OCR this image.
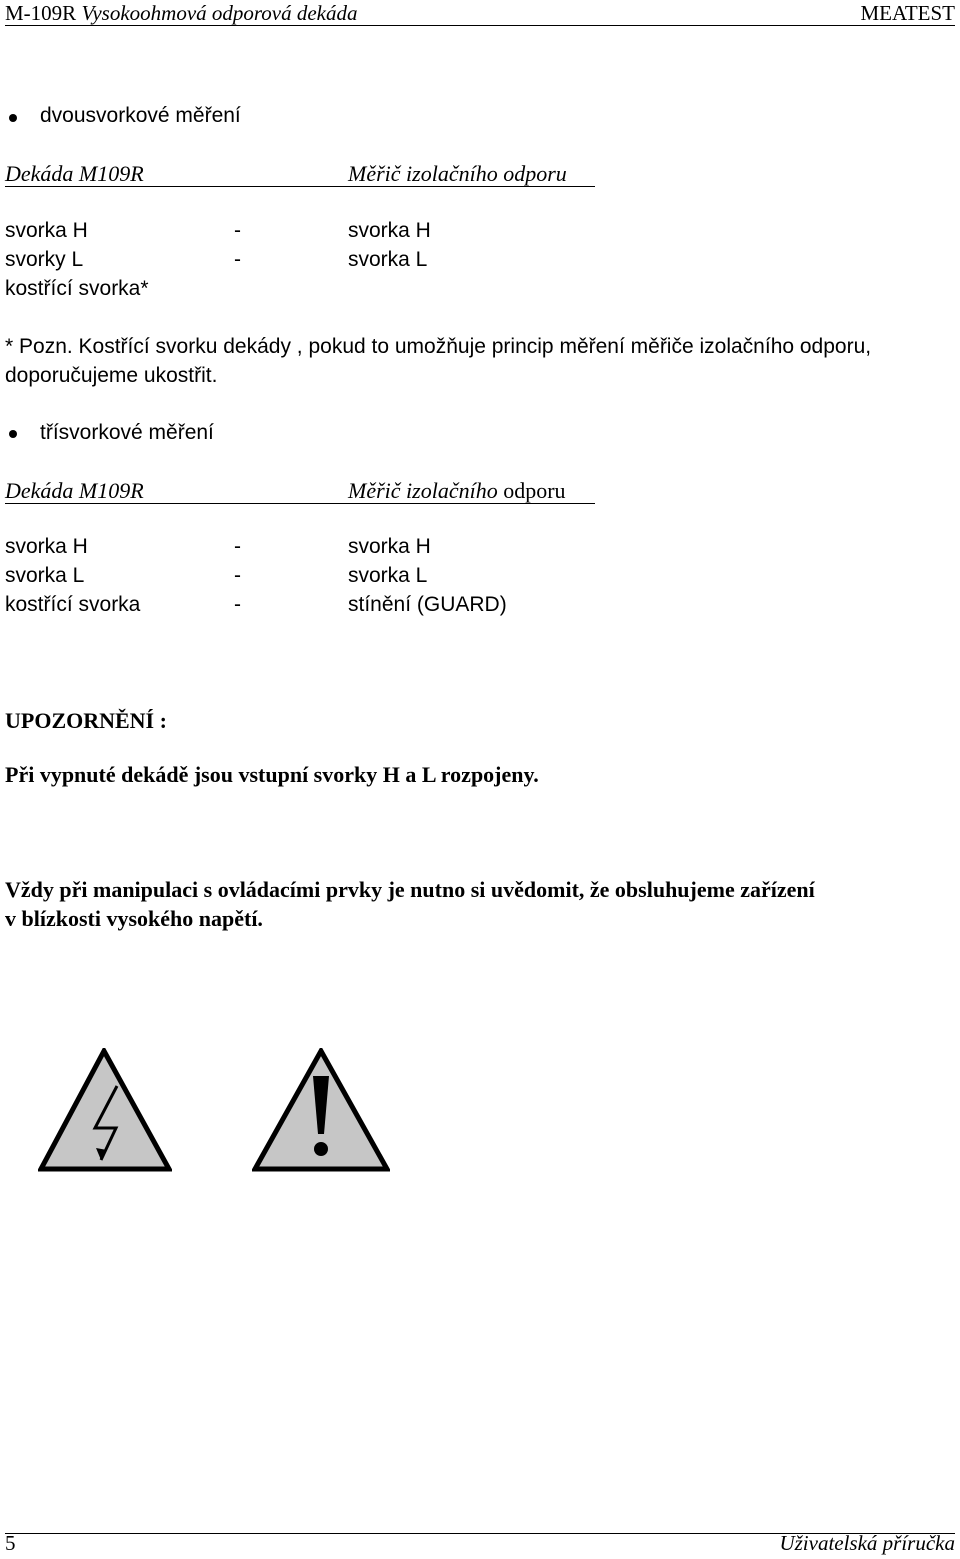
M-109R Vysokoohmová odporová dekáda	MEATEST
dvousvorkové měření
Dekáda M109R	Měřič izolačního odporu
svorka H	-	svorka H
svorky L	-	svorka L
kostřící svorka*
* Pozn. Kostřící svorku dekády , pokud to umožňuje princip měření měřiče izolačního odporu,
doporučujeme ukostřit.
třísvorkové měření
Dekáda M109R	Měřič izolačního odporu
svorka H	-	svorka H
svorka L	-	svorka L
kostřící svorka	-	stínění (GUARD)
UPOZORNĚNÍ :
Při vypnuté dekádě jsou vstupní svorky H a L rozpojeny.
Vždy při manipulaci s ovládacími prvky je nutno si uvědomit, že obsluhujeme zařízení
v blízkosti vysokého napětí.
5	Uživatelská příručka
